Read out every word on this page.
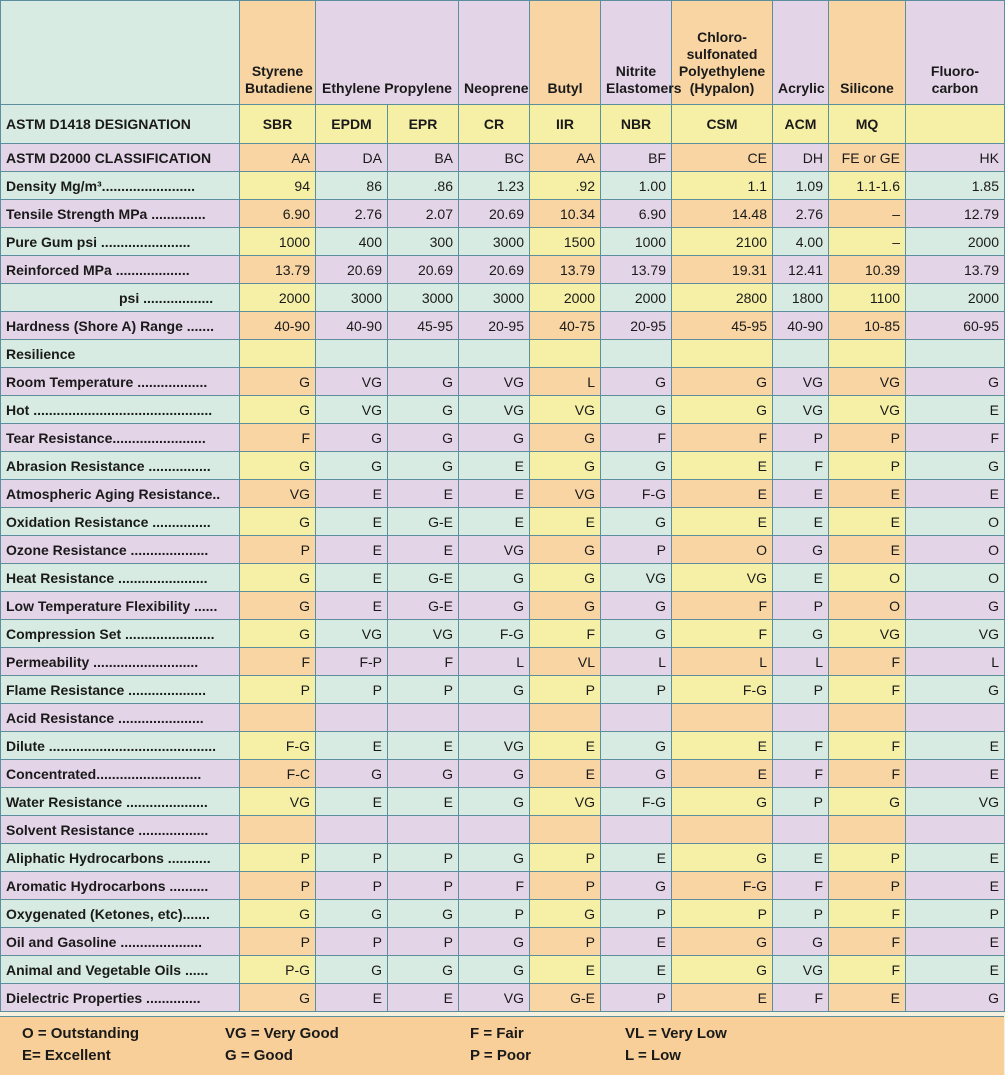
	Styrene Butadiene	Ethylene Propylene		Neoprene	Butyl	Nitrite Elastomers	Chloro- sulfonated Polyethylene (Hypalon)	Acrylic	Silicone	Fluoro- carbon
ASTM D1418 DESIGNATION	SBR	EPDM	EPR	CR	IIR	NBR	CSM	ACM	MQ	
ASTM D2000 CLASSIFICATION	AA	DA	BA	BC	AA	BF	CE	DH	FE or GE	HK
Density Mg/m³........................	94	86	.86	1.23	.92	1.00	1.1	1.09	1.1-1.6	1.85
Tensile Strength MPa ..............	6.90	2.76	2.07	20.69	10.34	6.90	14.48	2.76	–	12.79
Pure Gum psi .......................	1000	400	300	3000	1500	1000	2100	4.00	–	2000
Reinforced MPa ...................	13.79	20.69	20.69	20.69	13.79	13.79	19.31	12.41	10.39	13.79
psi ..................	2000	3000	3000	3000	2000	2000	2800	1800	1100	2000
Hardness (Shore A) Range .......	40-90	40-90	45-95	20-95	40-75	20-95	45-95	40-90	10-85	60-95
Resilience										
Room Temperature ..................	G	VG	G	VG	L	G	G	VG	VG	G
Hot ..............................................	G	VG	G	VG	VG	G	G	VG	VG	E
Tear Resistance........................	F	G	G	G	G	F	F	P	P	F
Abrasion Resistance ................	G	G	G	E	G	G	E	F	P	G
Atmospheric Aging Resistance..	VG	E	E	E	VG	F-G	E	E	E	E
Oxidation Resistance ...............	G	E	G-E	E	E	G	E	E	E	O
Ozone Resistance ....................	P	E	E	VG	G	P	O	G	E	O
Heat Resistance .......................	G	E	G-E	G	G	VG	VG	E	O	O
Low Temperature Flexibility ......	G	E	G-E	G	G	G	F	P	O	G
Compression Set .......................	G	VG	VG	F-G	F	G	F	G	VG	VG
Permeability ...........................	F	F-P	F	L	VL	L	L	L	F	L
Flame Resistance ....................	P	P	P	G	P	P	F-G	P	F	G
Acid Resistance ......................										
Dilute ...........................................	F-G	E	E	VG	E	G	E	F	F	E
Concentrated...........................	F-C	G	G	G	E	G	E	F	F	E
Water Resistance .....................	VG	E	E	G	VG	F-G	G	P	G	VG
Solvent Resistance ..................										
Aliphatic Hydrocarbons ...........	P	P	P	G	P	E	G	E	P	E
Aromatic Hydrocarbons ..........	P	P	P	F	P	G	F-G	F	P	E
Oxygenated (Ketones, etc).......	G	G	G	P	G	P	P	P	F	P
Oil and Gasoline .....................	P	P	P	G	P	E	G	G	F	E
Animal and Vegetable Oils ......	P-G	G	G	G	E	E	G	VG	F	E
Dielectric Properties ..............	G	E	E	VG	G-E	P	E	F	E	G
O = Outstanding
E= Excellent
VG = Very Good
G = Good
F = Fair
P = Poor
VL = Very Low
L = Low
